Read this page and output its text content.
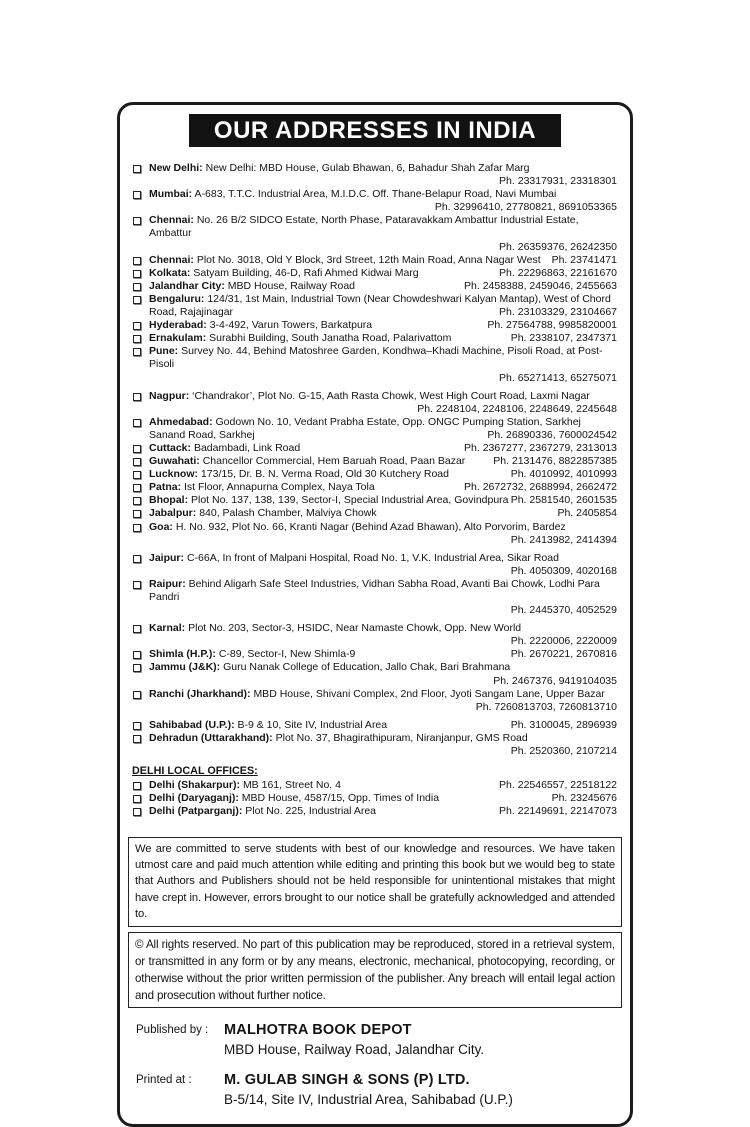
OUR ADDRESSES IN INDIA
New Delhi: New Delhi: MBD House, Gulab Bhawan, 6, Bahadur Shah Zafar Marg
Ph. 23317931, 23318301
Mumbai: A-683, T.T.C. Industrial Area, M.I.D.C. Off. Thane-Belapur Road, Navi Mumbai
Ph. 32996410, 27780821, 8691053365
Chennai: No. 26 B/2 SIDCO Estate, North Phase, Pataravakkam Ambattur Industrial Estate, Ambattur
Ph. 26359376, 26242350
Chennai: Plot No. 3018, Old Y Block, 3rd Street, 12th Main Road, Anna Nagar West Ph. 23741471
Kolkata: Satyam Building, 46-D, Rafi Ahmed Kidwai Marg	Ph. 22296863, 22161670
Jalandhar City: MBD House, Railway Road	Ph. 2458388, 2459046, 2455663
Bengaluru: 124/31, 1st Main, Industrial Town (Near Chowdeshwari Kalyan Mantap), West of Chord Road, Rajajinagar	Ph. 23103329, 23104667
Hyderabad: 3-4-492, Varun Towers, Barkatpura	Ph. 27564788, 9985820001
Ernakulam: Surabhi Building, South Janatha Road, Palarivattom	Ph. 2338107, 2347371
Pune: Survey No. 44, Behind Matoshree Garden, Kondhwa–Khadi Machine, Pisoli Road, at Post-Pisoli
Ph. 65271413, 65275071
Nagpur: ‘Chandrakor’, Plot No. G-15, Aath Rasta Chowk, West High Court Road, Laxmi Nagar
Ph. 2248104, 2248106, 2248649, 2245648
Ahmedabad: Godown No. 10, Vedant Prabha Estate, Opp. ONGC Pumping Station, Sarkhej Sanand Road, Sarkhej	Ph. 26890336, 7600024542
Cuttack: Badambadi, Link Road	Ph. 2367277, 2367279, 2313013
Guwahati: Chancellor Commercial, Hem Baruah Road, Paan Bazar	Ph. 2131476, 8822857385
Lucknow: 173/15, Dr. B. N. Verma Road, Old 30 Kutchery Road	Ph. 4010992, 4010993
Patna: Ist Floor, Annapurna Complex, Naya Tola	Ph. 2672732, 2688994, 2662472
Bhopal: Plot No. 137, 138, 139, Sector-I, Special Industrial Area, Govindpura Ph. 2581540, 2601535
Jabalpur: 840, Palash Chamber, Malviya Chowk	Ph. 2405854
Goa: H. No. 932, Plot No. 66, Kranti Nagar (Behind Azad Bhawan), Alto Porvorim, Bardez
Ph. 2413982, 2414394
Jaipur: C-66A, In front of Malpani Hospital, Road No. 1, V.K. Industrial Area, Sikar Road
Ph. 4050309, 4020168
Raipur: Behind Aligarh Safe Steel Industries, Vidhan Sabha Road, Avanti Bai Chowk, Lodhi Para Pandri
Ph. 2445370, 4052529
Karnal: Plot No. 203, Sector-3, HSIDC, Near Namaste Chowk, Opp. New World
Ph. 2220006, 2220009
Shimla (H.P.): C-89, Sector-I, New Shimla-9	Ph. 2670221, 2670816
Jammu (J&K): Guru Nanak College of Education, Jallo Chak, Bari Brahmana
Ph. 2467376, 9419104035
Ranchi (Jharkhand): MBD House, Shivani Complex, 2nd Floor, Jyoti Sangam Lane, Upper Bazar
Ph. 7260813703, 7260813710
Sahibabad (U.P.): B-9 & 10, Site IV, Industrial Area	Ph. 3100045, 2896939
Dehradun (Uttarakhand): Plot No. 37, Bhagirathipuram, Niranjanpur, GMS Road
Ph. 2520360, 2107214
DELHI LOCAL OFFICES:
Delhi (Shakarpur): MB 161, Street No. 4	Ph. 22546557, 22518122
Delhi (Daryaganj): MBD House, 4587/15, Opp. Times of India	Ph. 23245676
Delhi (Patparganj): Plot No. 225, Industrial Area	Ph. 22149691, 22147073
We are committed to serve students with best of our knowledge and resources. We have taken utmost care and paid much attention while editing and printing this book but we would beg to state that Authors and Publishers should not be held responsible for unintentional mistakes that might have crept in. However, errors brought to our notice shall be gratefully acknowledged and attended to.
© All rights reserved. No part of this publication may be reproduced, stored in a retrieval system, or transmitted in any form or by any means, electronic, mechanical, photocopying, recording, or otherwise without the prior written permission of the publisher. Any breach will entail legal action and prosecution without further notice.
Published by :	MALHOTRA BOOK DEPOT
MBD House, Railway Road, Jalandhar City.
Printed at :	M. GULAB SINGH & SONS (P) LTD.
B-5/14, Site IV, Industrial Area, Sahibabad (U.P.)
